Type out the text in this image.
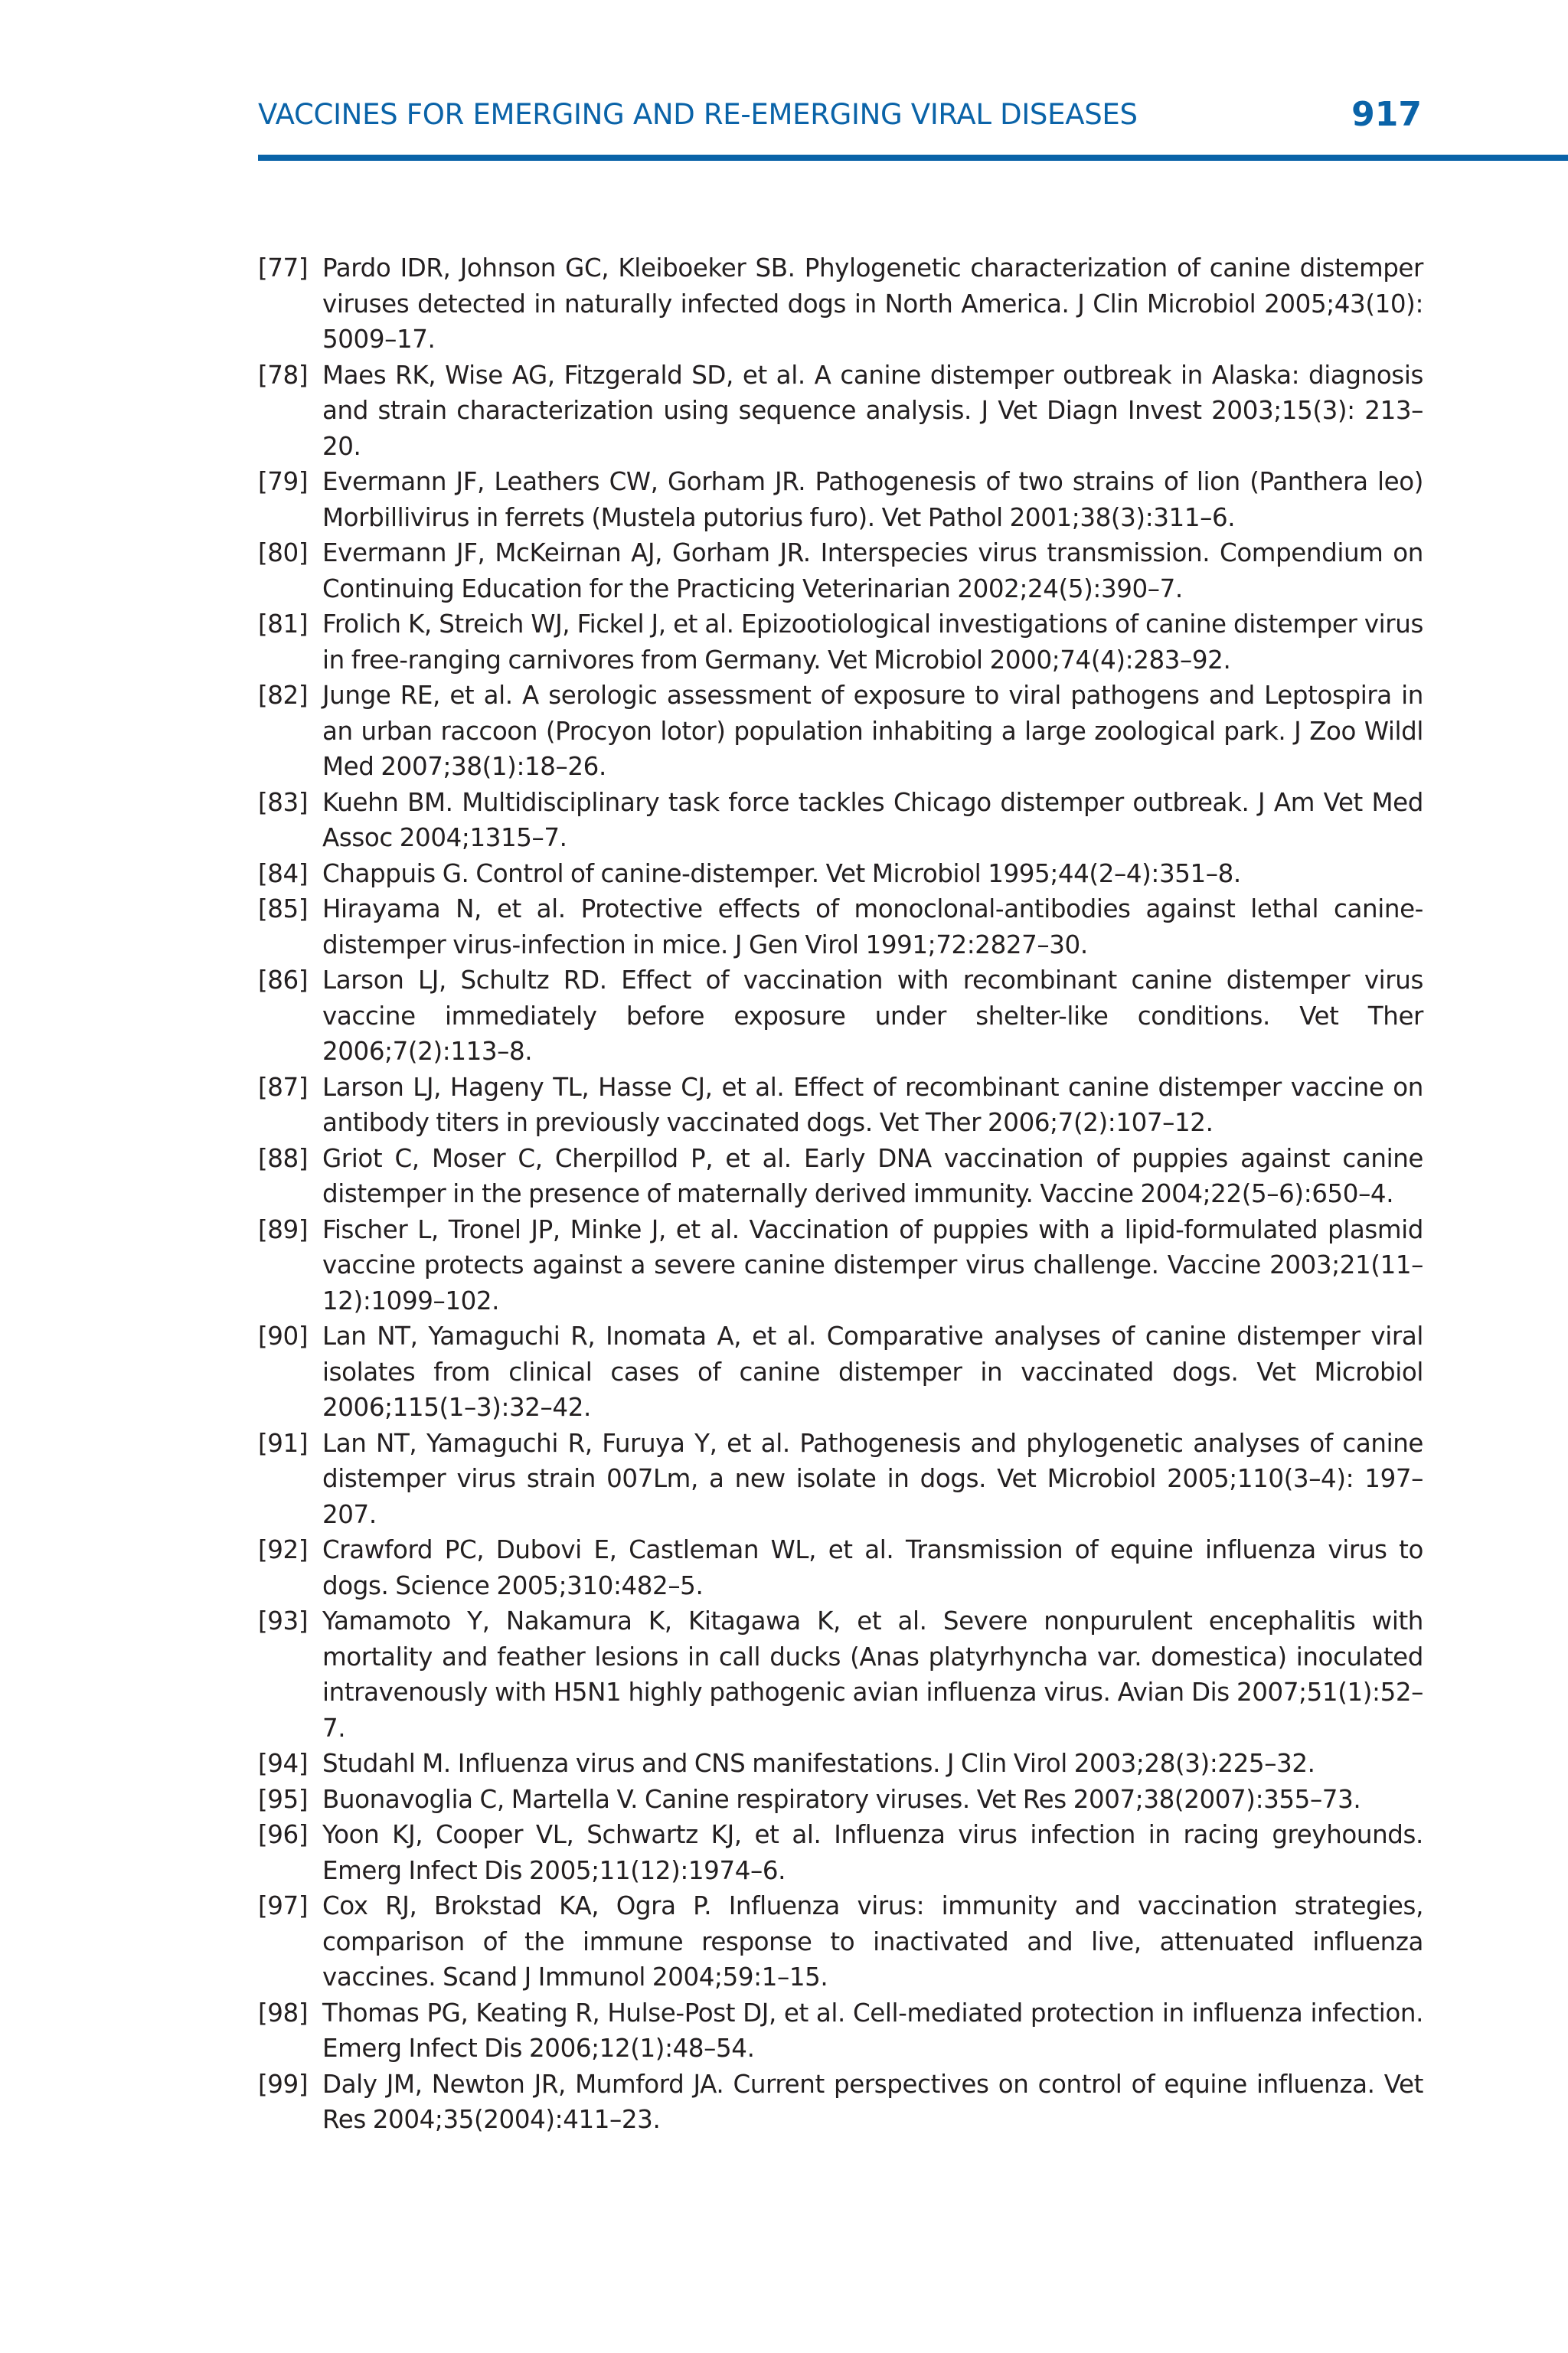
VACCINES FOR EMERGING AND RE-EMERGING VIRAL DISEASES	917
[77] Pardo IDR, Johnson GC, Kleiboeker SB. Phylogenetic characterization of canine distemper viruses detected in naturally infected dogs in North America. J Clin Microbiol 2005;43(10): 5009–17.
[78] Maes RK, Wise AG, Fitzgerald SD, et al. A canine distemper outbreak in Alaska: diagnosis and strain characterization using sequence analysis. J Vet Diagn Invest 2003;15(3): 213–20.
[79] Evermann JF, Leathers CW, Gorham JR. Pathogenesis of two strains of lion (Panthera leo) Morbillivirus in ferrets (Mustela putorius furo). Vet Pathol 2001;38(3):311–6.
[80] Evermann JF, McKeirnan AJ, Gorham JR. Interspecies virus transmission. Compendium on Continuing Education for the Practicing Veterinarian 2002;24(5):390–7.
[81] Frolich K, Streich WJ, Fickel J, et al. Epizootiological investigations of canine distemper virus in free-ranging carnivores from Germany. Vet Microbiol 2000;74(4):283–92.
[82] Junge RE, et al. A serologic assessment of exposure to viral pathogens and Leptospira in an urban raccoon (Procyon lotor) population inhabiting a large zoological park. J Zoo Wildl Med 2007;38(1):18–26.
[83] Kuehn BM. Multidisciplinary task force tackles Chicago distemper outbreak. J Am Vet Med Assoc 2004;1315–7.
[84] Chappuis G. Control of canine-distemper. Vet Microbiol 1995;44(2–4):351–8.
[85] Hirayama N, et al. Protective effects of monoclonal-antibodies against lethal canine-distemper virus-infection in mice. J Gen Virol 1991;72:2827–30.
[86] Larson LJ, Schultz RD. Effect of vaccination with recombinant canine distemper virus vaccine immediately before exposure under shelter-like conditions. Vet Ther 2006;7(2):113–8.
[87] Larson LJ, Hageny TL, Hasse CJ, et al. Effect of recombinant canine distemper vaccine on antibody titers in previously vaccinated dogs. Vet Ther 2006;7(2):107–12.
[88] Griot C, Moser C, Cherpillod P, et al. Early DNA vaccination of puppies against canine distemper in the presence of maternally derived immunity. Vaccine 2004;22(5–6):650–4.
[89] Fischer L, Tronel JP, Minke J, et al. Vaccination of puppies with a lipid-formulated plasmid vaccine protects against a severe canine distemper virus challenge. Vaccine 2003;21(11–12):1099–102.
[90] Lan NT, Yamaguchi R, Inomata A, et al. Comparative analyses of canine distemper viral isolates from clinical cases of canine distemper in vaccinated dogs. Vet Microbiol 2006;115(1–3):32–42.
[91] Lan NT, Yamaguchi R, Furuya Y, et al. Pathogenesis and phylogenetic analyses of canine distemper virus strain 007Lm, a new isolate in dogs. Vet Microbiol 2005;110(3–4): 197–207.
[92] Crawford PC, Dubovi E, Castleman WL, et al. Transmission of equine influenza virus to dogs. Science 2005;310:482–5.
[93] Yamamoto Y, Nakamura K, Kitagawa K, et al. Severe nonpurulent encephalitis with mortality and feather lesions in call ducks (Anas platyrhyncha var. domestica) inoculated intravenously with H5N1 highly pathogenic avian influenza virus. Avian Dis 2007;51(1):52–7.
[94] Studahl M. Influenza virus and CNS manifestations. J Clin Virol 2003;28(3):225–32.
[95] Buonavoglia C, Martella V. Canine respiratory viruses. Vet Res 2007;38(2007):355–73.
[96] Yoon KJ, Cooper VL, Schwartz KJ, et al. Influenza virus infection in racing greyhounds. Emerg Infect Dis 2005;11(12):1974–6.
[97] Cox RJ, Brokstad KA, Ogra P. Influenza virus: immunity and vaccination strategies, comparison of the immune response to inactivated and live, attenuated influenza vaccines. Scand J Immunol 2004;59:1–15.
[98] Thomas PG, Keating R, Hulse-Post DJ, et al. Cell-mediated protection in influenza infection. Emerg Infect Dis 2006;12(1):48–54.
[99] Daly JM, Newton JR, Mumford JA. Current perspectives on control of equine influenza. Vet Res 2004;35(2004):411–23.
